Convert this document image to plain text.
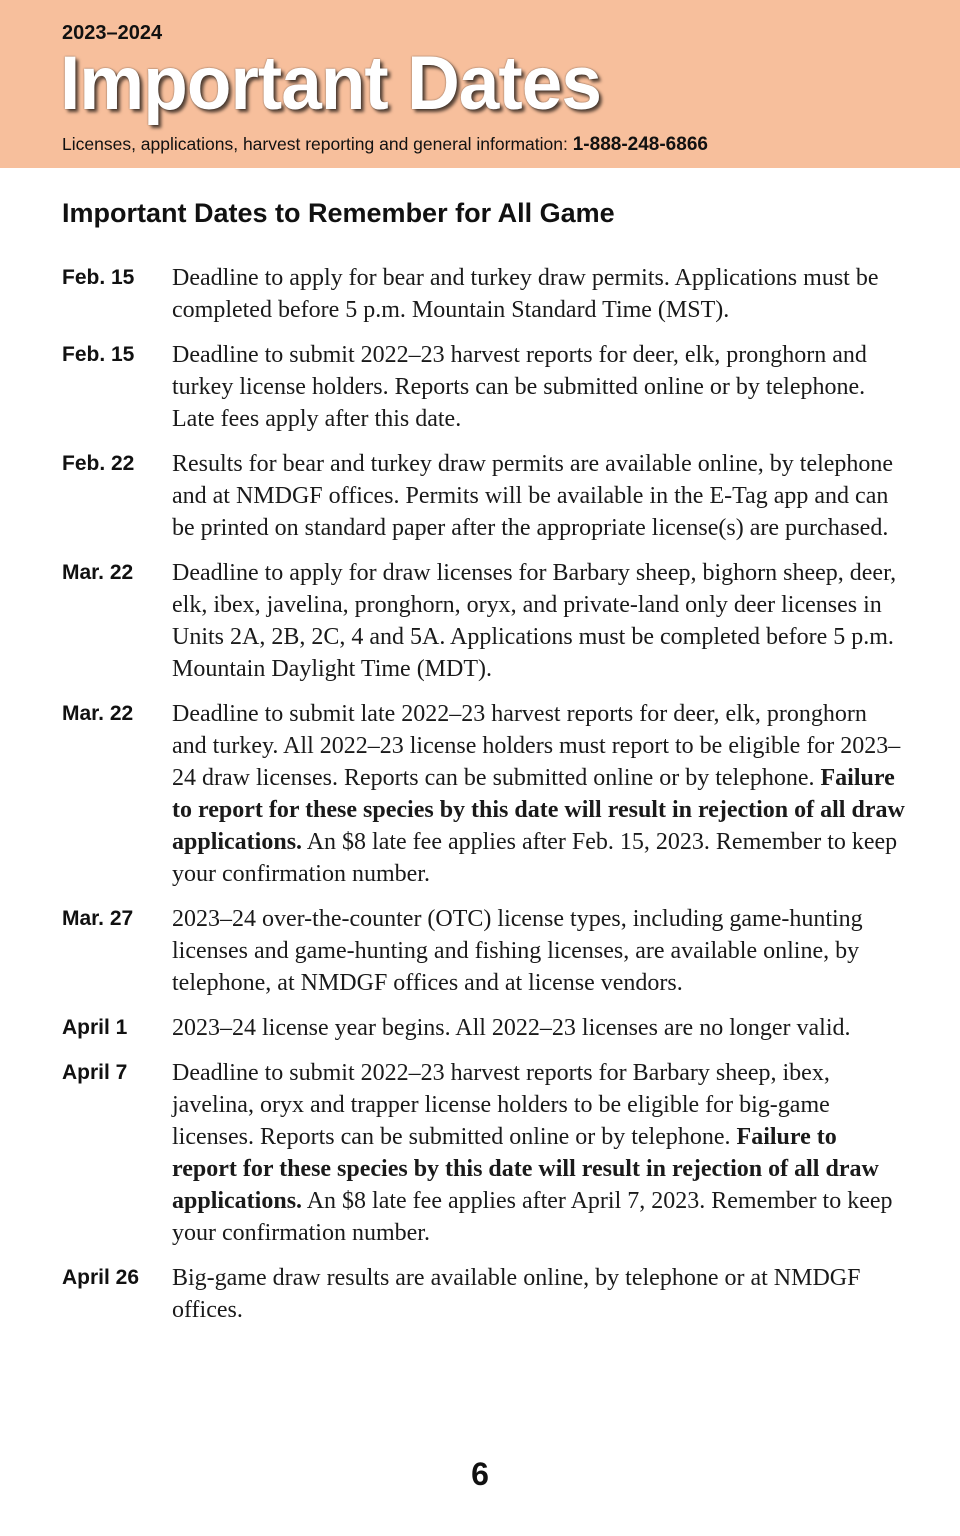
2023–2024
Important Dates
Licenses, applications, harvest reporting and general information: 1-888-248-6866
Important Dates to Remember for All Game
Feb. 15	Deadline to apply for bear and turkey draw permits. Applications must be completed before 5 p.m. Mountain Standard Time (MST).
Feb. 15	Deadline to submit 2022–23 harvest reports for deer, elk, pronghorn and turkey license holders. Reports can be submitted online or by telephone. Late fees apply after this date.
Feb. 22	Results for bear and turkey draw permits are available online, by telephone and at NMDGF offices. Permits will be available in the E-Tag app and can be printed on standard paper after the appropriate license(s) are purchased.
Mar. 22	Deadline to apply for draw licenses for Barbary sheep, bighorn sheep, deer, elk, ibex, javelina, pronghorn, oryx, and private-land only deer licenses in Units 2A, 2B, 2C, 4 and 5A. Applications must be completed before 5 p.m. Mountain Daylight Time (MDT).
Mar. 22	Deadline to submit late 2022–23 harvest reports for deer, elk, pronghorn and turkey. All 2022–23 license holders must report to be eligible for 2023–24 draw licenses. Reports can be submitted online or by telephone. Failure to report for these species by this date will result in rejection of all draw applications. An $8 late fee applies after Feb. 15, 2023. Remember to keep your confirmation number.
Mar. 27	2023–24 over-the-counter (OTC) license types, including game-hunting licenses and game-hunting and fishing licenses, are available online, by telephone, at NMDGF offices and at license vendors.
April 1	2023–24 license year begins. All 2022–23 licenses are no longer valid.
April 7	Deadline to submit 2022–23 harvest reports for Barbary sheep, ibex, javelina, oryx and trapper license holders to be eligible for big-game licenses. Reports can be submitted online or by telephone. Failure to report for these species by this date will result in rejection of all draw applications. An $8 late fee applies after April 7, 2023. Remember to keep your confirmation number.
April 26	Big-game draw results are available online, by telephone or at NMDGF offices.
6
